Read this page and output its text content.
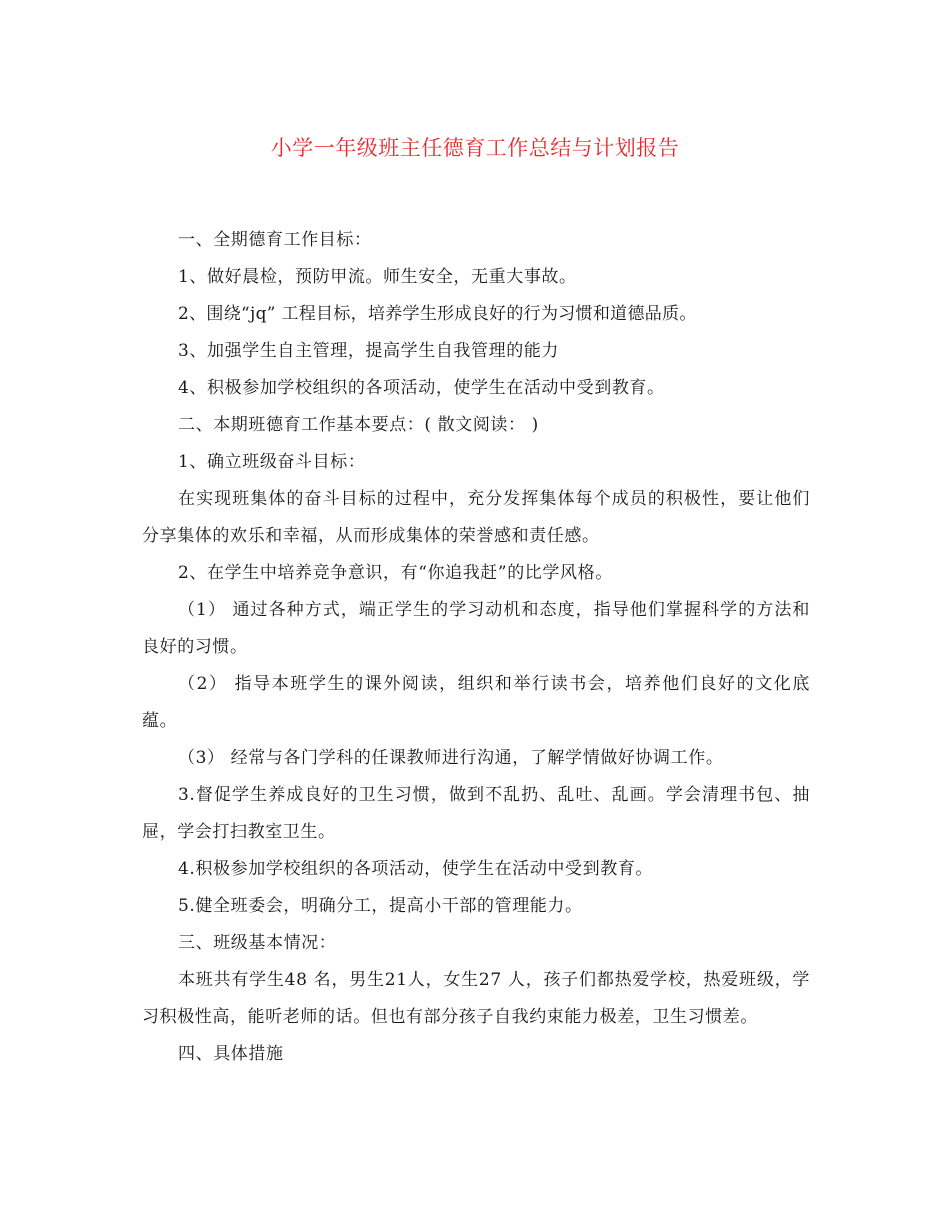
小学一年级班主任德育工作总结与计划报告

一、全期德育工作目标：

1、做好晨检，预防甲流。师生安全，无重大事故。

2、围绕“jq” 工程目标，培养学生形成良好的行为习惯和道德品质。

3、加强学生自主管理，提高学生自我管理的能力

4、积极参加学校组织的各项活动，使学生在活动中受到教育。

二、本期班德育工作基本要点：( 散文阅读： )

1、确立班级奋斗目标：

在实现班集体的奋斗目标的过程中，充分发挥集体每个成员的积极性，要让他们分享集体的欢乐和幸福，从而形成集体的荣誉感和责任感。

2、在学生中培养竞争意识，有“你追我赶”的比学风格。

（1） 通过各种方式，端正学生的学习动机和态度，指导他们掌握科学的方法和良好的习惯。

（2） 指导本班学生的课外阅读，组织和举行读书会，培养他们良好的文化底蕴。

（3） 经常与各门学科的任课教师进行沟通，了解学情做好协调工作。

3.督促学生养成良好的卫生习惯，做到不乱扔、乱吐、乱画。学会清理书包、抽屉，学会打扫教室卫生。

4.积极参加学校组织的各项活动，使学生在活动中受到教育。

5.健全班委会，明确分工，提高小干部的管理能力。

三、班级基本情况：

本班共有学生48 名，男生21人，女生27 人，孩子们都热爱学校，热爱班级，学习积极性高，能听老师的话。但也有部分孩子自我约束能力极差，卫生习惯差。

四、具体措施
